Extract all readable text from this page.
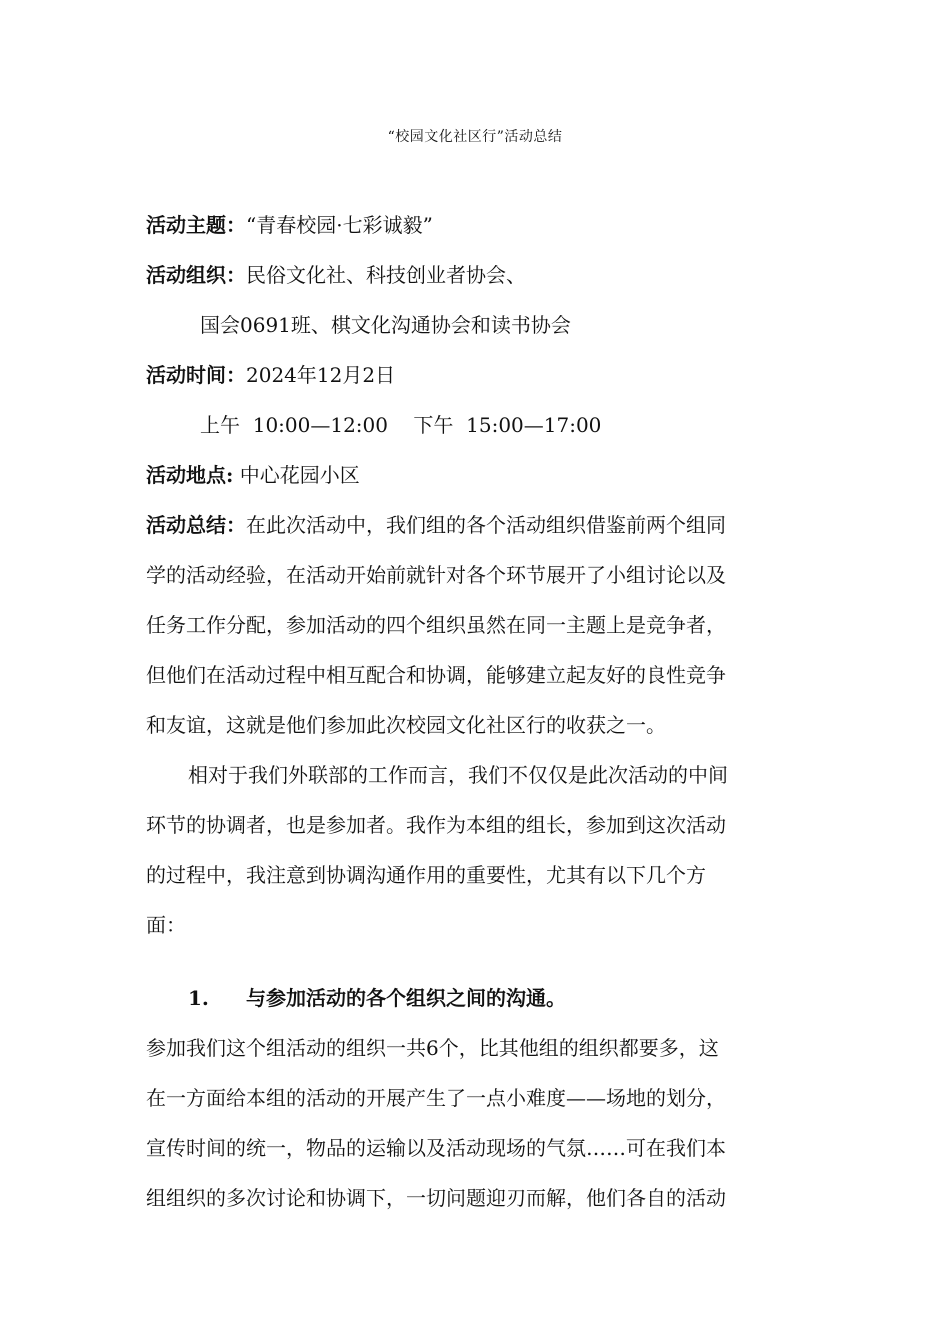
“校园文化社区行”活动总结
活动主题：“青春校园·七彩诚毅”
活动组织：民俗文化社、科技创业者协会、
国会0691班、棋文化沟通协会和读书协会
活动时间：2024年12月2日
上午  10:00—12:00    下午  15:00—17:00
活动地点: 中心花园小区
活动总结：在此次活动中，我们组的各个活动组织借鉴前两个组同
学的活动经验，在活动开始前就针对各个环节展开了小组讨论以及
任务工作分配，参加活动的四个组织虽然在同一主题上是竞争者，
但他们在活动过程中相互配合和协调，能够建立起友好的良性竞争
和友谊，这就是他们参加此次校园文化社区行的收获之一。
相对于我们外联部的工作而言，我们不仅仅是此次活动的中间
环节的协调者，也是参加者。我作为本组的组长，参加到这次活动
的过程中，我注意到协调沟通作用的重要性，尤其有以下几个方
面：
1. 与参加活动的各个组织之间的沟通。
参加我们这个组活动的组织一共6个，比其他组的组织都要多，这
在一方面给本组的活动的开展产生了一点小难度——场地的划分，
宣传时间的统一，物品的运输以及活动现场的气氛……可在我们本
组组织的多次讨论和协调下，一切问题迎刃而解，他们各自的活动
